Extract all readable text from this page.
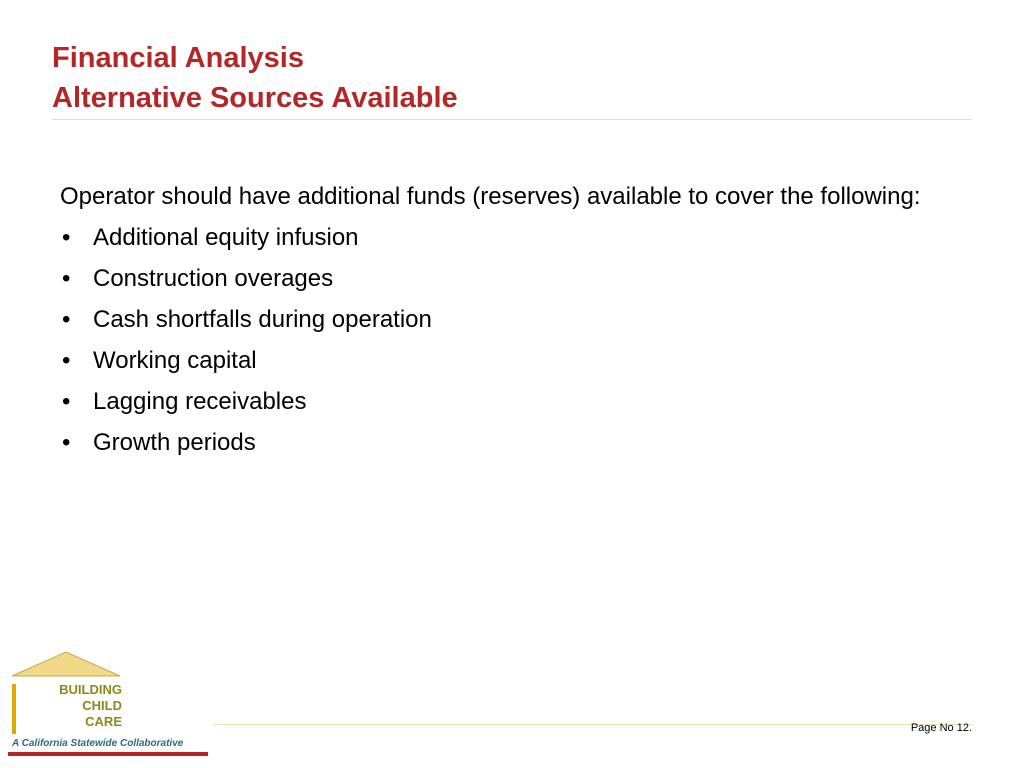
Financial Analysis
Alternative Sources Available
Operator should have additional funds (reserves) available to cover the following:
• Additional equity infusion
• Construction overages
• Cash shortfalls during operation
• Working capital
• Lagging receivables
• Growth periods
BUILDING
CHILD
CARE
A California Statewide Collaborative
Page No 12.
